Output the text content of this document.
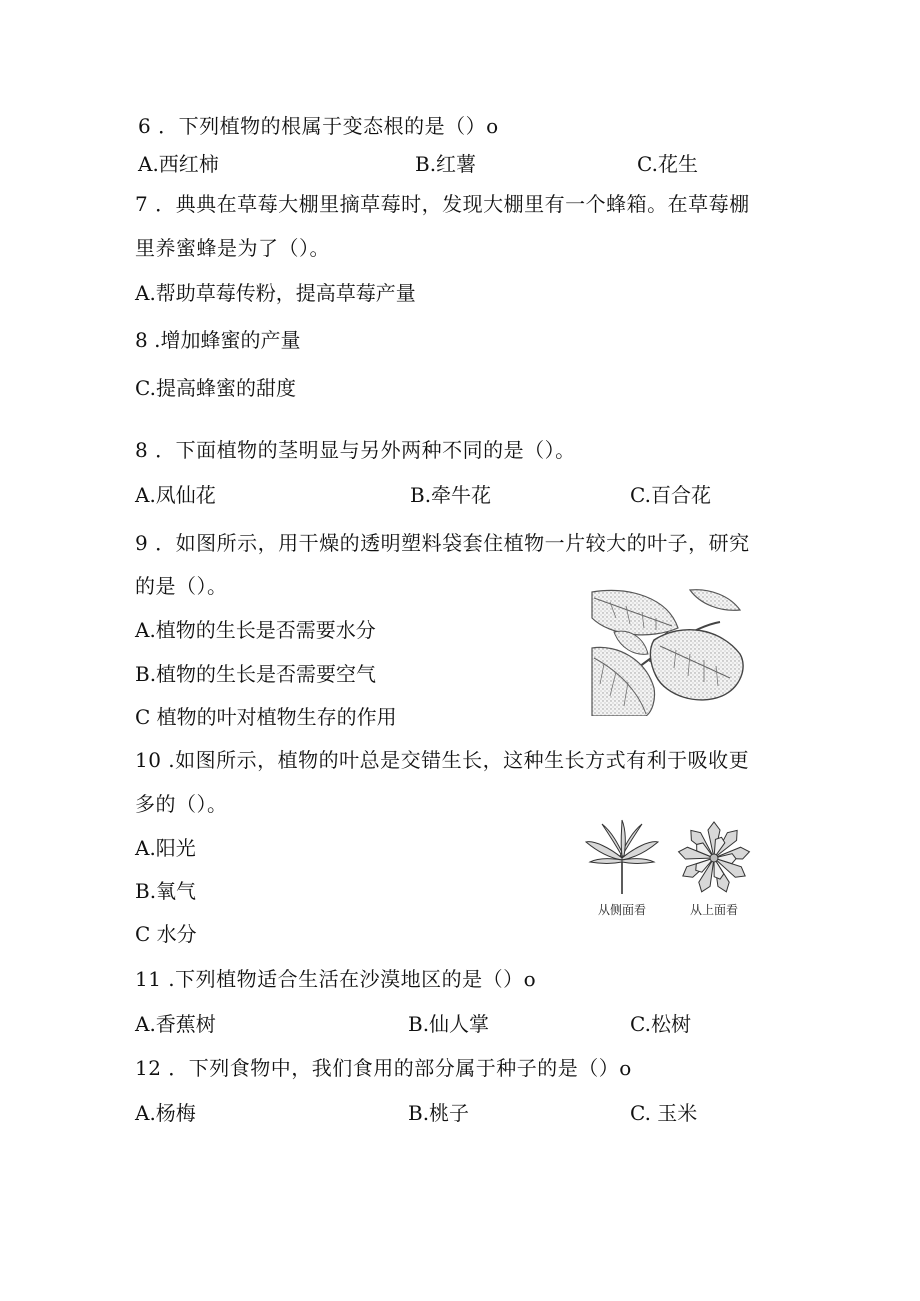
6 ．下列植物的根属于变态根的是（）o
A.西红柿	B.红薯	C.花生
7 ．典典在草莓大棚里摘草莓时，发现大棚里有一个蜂箱。在草莓棚
里养蜜蜂是为了（）。
A.帮助草莓传粉，提高草莓产量
8 .增加蜂蜜的产量
C.提高蜂蜜的甜度
8 ．下面植物的茎明显与另外两种不同的是（）。
A.凤仙花	B.牵牛花	C.百合花
9 ．如图所示，用干燥的透明塑料袋套住植物一片较大的叶子，研究
的是（）。
A.植物的生长是否需要水分
B.植物的生长是否需要空气
C 植物的叶对植物生存的作用
10 .如图所示，植物的叶总是交错生长，这种生长方式有利于吸收更
多的（）。
A.阳光
B.氧气
C 水分
从侧面看	从上面看
11 .下列植物适合生活在沙漠地区的是（）o
A.香蕉树	B.仙人掌	C.松树
12 ．下列食物中，我们食用的部分属于种子的是（）o
A.杨梅	B.桃子	C. 玉米
